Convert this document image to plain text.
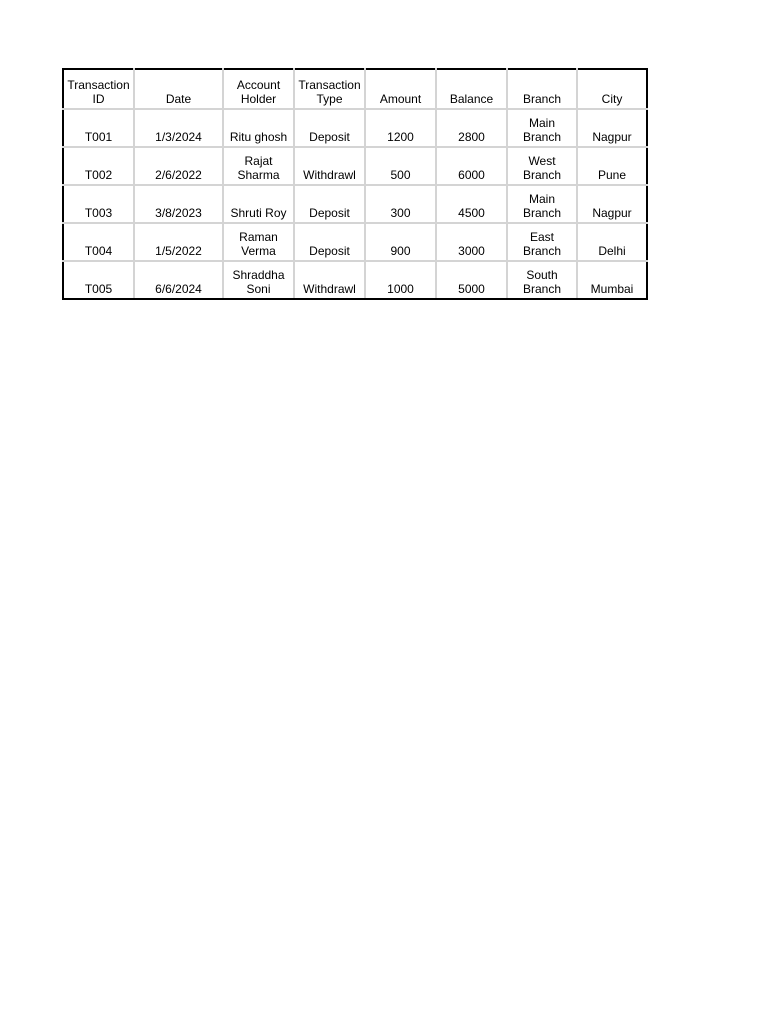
Transaction ID	Date	Account Holder	Transaction Type	Amount	Balance	Branch	City
T001	1/3/2024	Ritu ghosh	Deposit	1200	2800	Main Branch	Nagpur
T002	2/6/2022	Rajat Sharma	Withdrawl	500	6000	West Branch	Pune
T003	3/8/2023	Shruti Roy	Deposit	300	4500	Main Branch	Nagpur
T004	1/5/2022	Raman Verma	Deposit	900	3000	East Branch	Delhi
T005	6/6/2024	Shraddha Soni	Withdrawl	1000	5000	South Branch	Mumbai
